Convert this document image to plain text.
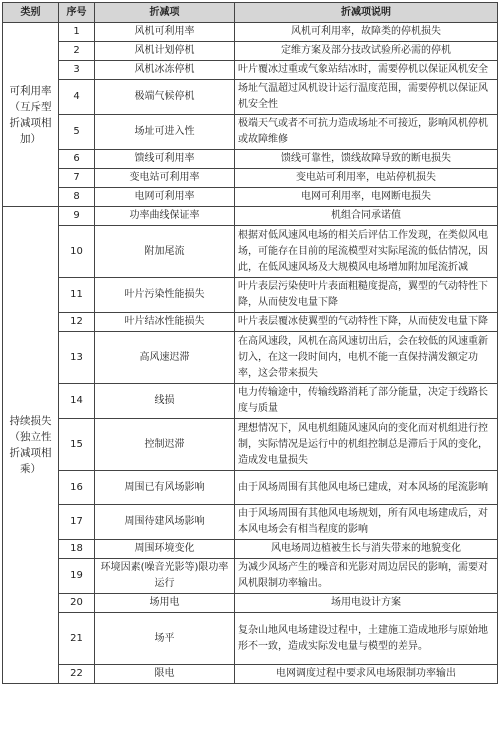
类别	序号	折减项	折减项说明
可利用率（互斥型折减项相加）	1	风机可利用率	风机可利用率，故障类的停机损失
	2	风机计划停机	定维方案及部分技改试验所必需的停机
	3	风机冰冻停机	叶片覆冰过重或气象站结冰时，需要停机以保证风机安全
	4	极端气候停机	场址气温超过风机设计运行温度范围，需要停机以保证风机安全性
	5	场址可进入性	极端天气或者不可抗力造成场址不可接近，影响风机停机或故障维修
	6	馈线可利用率	馈线可靠性，馈线故障导致的断电损失
	7	变电站可利用率	变电站可利用率，电站停机损失
	8	电网可利用率	电网可利用率，电网断电损失
持续损失（独立性折减项相乘）	9	功率曲线保证率	机组合同承诺值
	10	附加尾流	根据对低风速风电场的相关后评估工作发现，在类似风电场，可能存在目前的尾流模型对实际尾流的低估情况，因此，在低风速风场及大规模风电场增加附加尾流折减
	11	叶片污染性能损失	叶片表层污染使叶片表面粗糙度提高，翼型的气动特性下降，从而使发电量下降
	12	叶片结冰性能损失	叶片表层覆冰使翼型的气动特性下降，从而使发电量下降
	13	高风速迟滞	在高风速段，风机在高风速切出后，会在较低的风速重新切入，在这一段时间内，电机不能一直保持满发额定功率，这会带来损失
	14	线损	电力传输途中，传输线路消耗了部分能量，决定于线路长度与质量
	15	控制迟滞	理想情况下，风电机组随风速风向的变化而对机组进行控制，实际情况是运行中的机组控制总是滞后于风的变化，造成发电量损失
	16	周围已有风场影响	由于风场周围有其他风电场已建成，对本风场的尾流影响
	17	周围待建风场影响	由于风场周围有其他风电场规划，所有风电场建成后，对本风电场会有相当程度的影响
	18	周围环境变化	风电场周边植被生长与消失带来的地貌变化
	19	环境因素(噪音光影等)限功率运行	为减少风场产生的噪音和光影对周边居民的影响，需要对风机限制功率输出。
	20	场用电	场用电设计方案
	21	场平	复杂山地风电场建设过程中，土建施工造成地形与原始地形不一致，造成实际发电量与模型的差异。
	22	限电	电网调度过程中要求风电场限制功率输出
